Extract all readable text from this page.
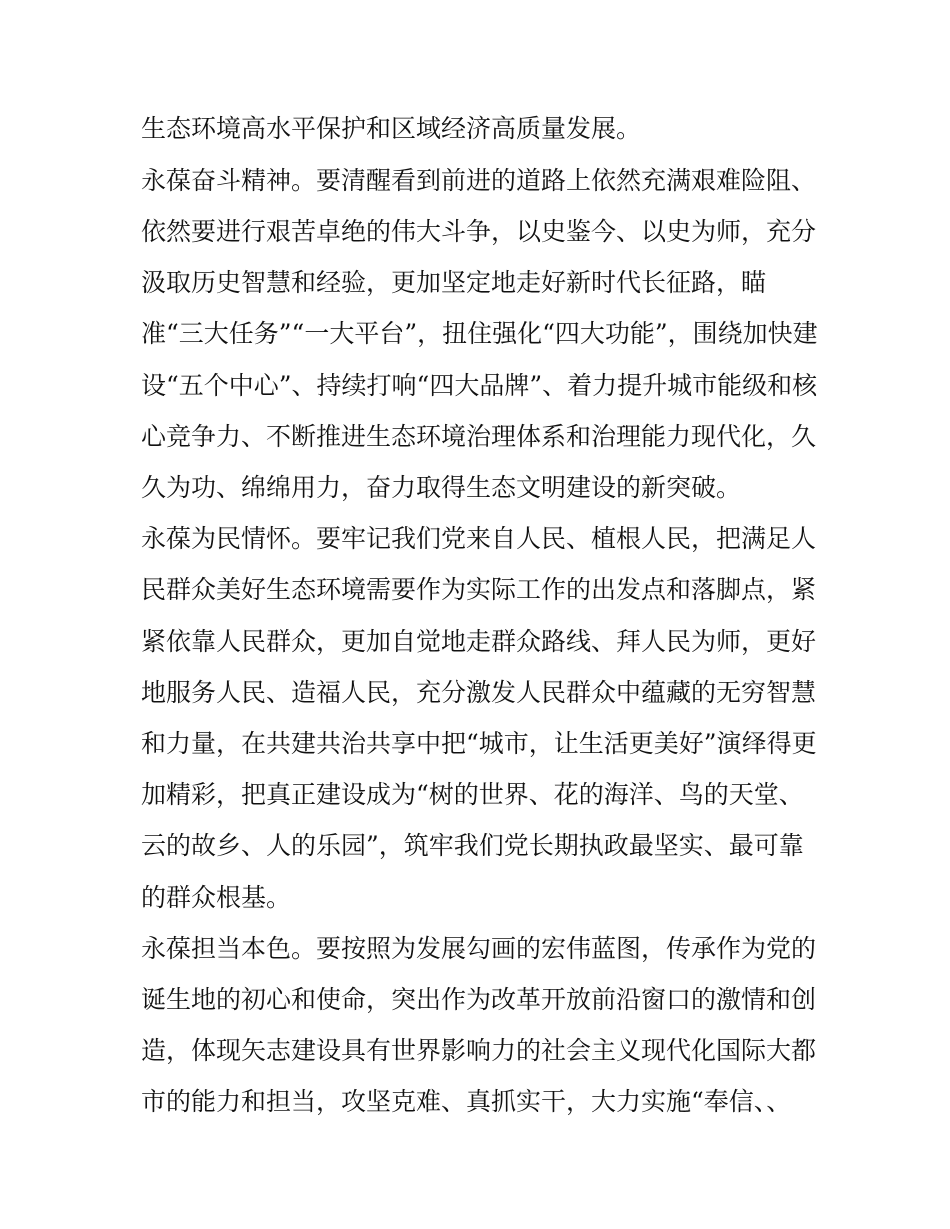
生态环境高水平保护和区域经济高质量发展。

永葆奋斗精神。要清醒看到前进的道路上依然充满艰难险阻、

依然要进行艰苦卓绝的伟大斗争，以史鉴今、以史为师，充分

汲取历史智慧和经验，更加坚定地走好新时代长征路，瞄

准“三大任务”“一大平台”，扭住强化“四大功能”，围绕加快建

设“五个中心”、持续打响“四大品牌”、着力提升城市能级和核

心竞争力、不断推进生态环境治理体系和治理能力现代化，久

久为功、绵绵用力，奋力取得生态文明建设的新突破。

永葆为民情怀。要牢记我们党来自人民、植根人民，把满足人

民群众美好生态环境需要作为实际工作的出发点和落脚点，紧

紧依靠人民群众，更加自觉地走群众路线、拜人民为师，更好

地服务人民、造福人民，充分激发人民群众中蕴藏的无穷智慧

和力量，在共建共治共享中把“城市，让生活更美好”演绎得更

加精彩，把真正建设成为“树的世界、花的海洋、鸟的天堂、

云的故乡、人的乐园”，筑牢我们党长期执政最坚实、最可靠

的群众根基。

永葆担当本色。要按照为发展勾画的宏伟蓝图，传承作为党的

诞生地的初心和使命，突出作为改革开放前沿窗口的激情和创

造，体现矢志建设具有世界影响力的社会主义现代化国际大都

市的能力和担当，攻坚克难、真抓实干，大力实施“奉信、、
